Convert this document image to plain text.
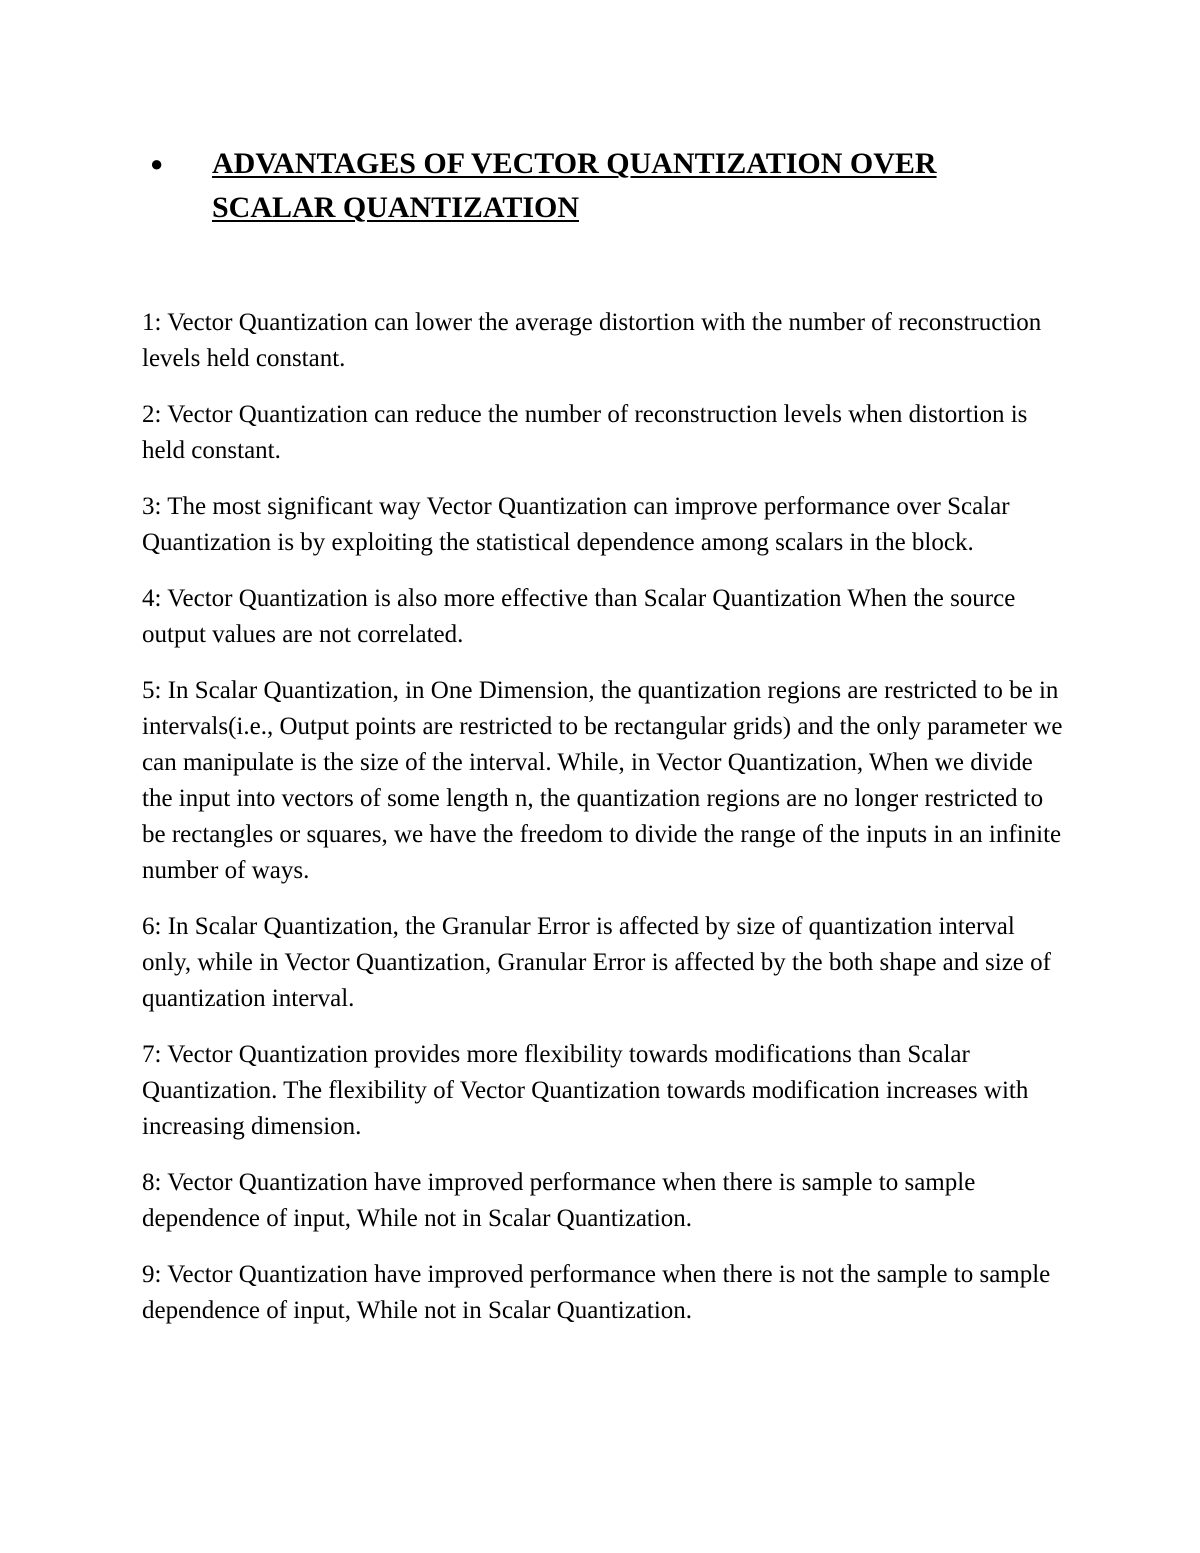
●	ADVANTAGES OF VECTOR QUANTIZATION OVER SCALAR QUANTIZATION
1: Vector Quantization can lower the average distortion with the number of reconstruction levels held constant.
2: Vector Quantization can reduce the number of reconstruction levels when distortion is held constant.
3: The most significant way Vector Quantization can improve performance over Scalar Quantization is by exploiting the statistical dependence among scalars in the block.
4: Vector Quantization is also more effective than Scalar Quantization When the source output values are not correlated.
5: In Scalar Quantization, in One Dimension, the quantization regions are restricted to be in intervals(i.e., Output points are restricted to be rectangular grids) and the only parameter we can manipulate is the size of the interval. While, in Vector Quantization, When we divide the input into vectors of some length n, the quantization regions are no longer restricted to be rectangles or squares, we have the freedom to divide the range of the inputs in an infinite number of ways.
6: In Scalar Quantization, the Granular Error is affected by size of quantization interval only, while in Vector Quantization, Granular Error is affected by the both shape and size of quantization interval.
7: Vector Quantization provides more flexibility towards modifications than Scalar Quantization. The flexibility of Vector Quantization towards modification increases with increasing dimension.
8: Vector Quantization have improved performance when there is sample to sample dependence of input, While not in Scalar Quantization.
9: Vector Quantization have improved performance when there is not the sample to sample dependence of input, While not in Scalar Quantization.
